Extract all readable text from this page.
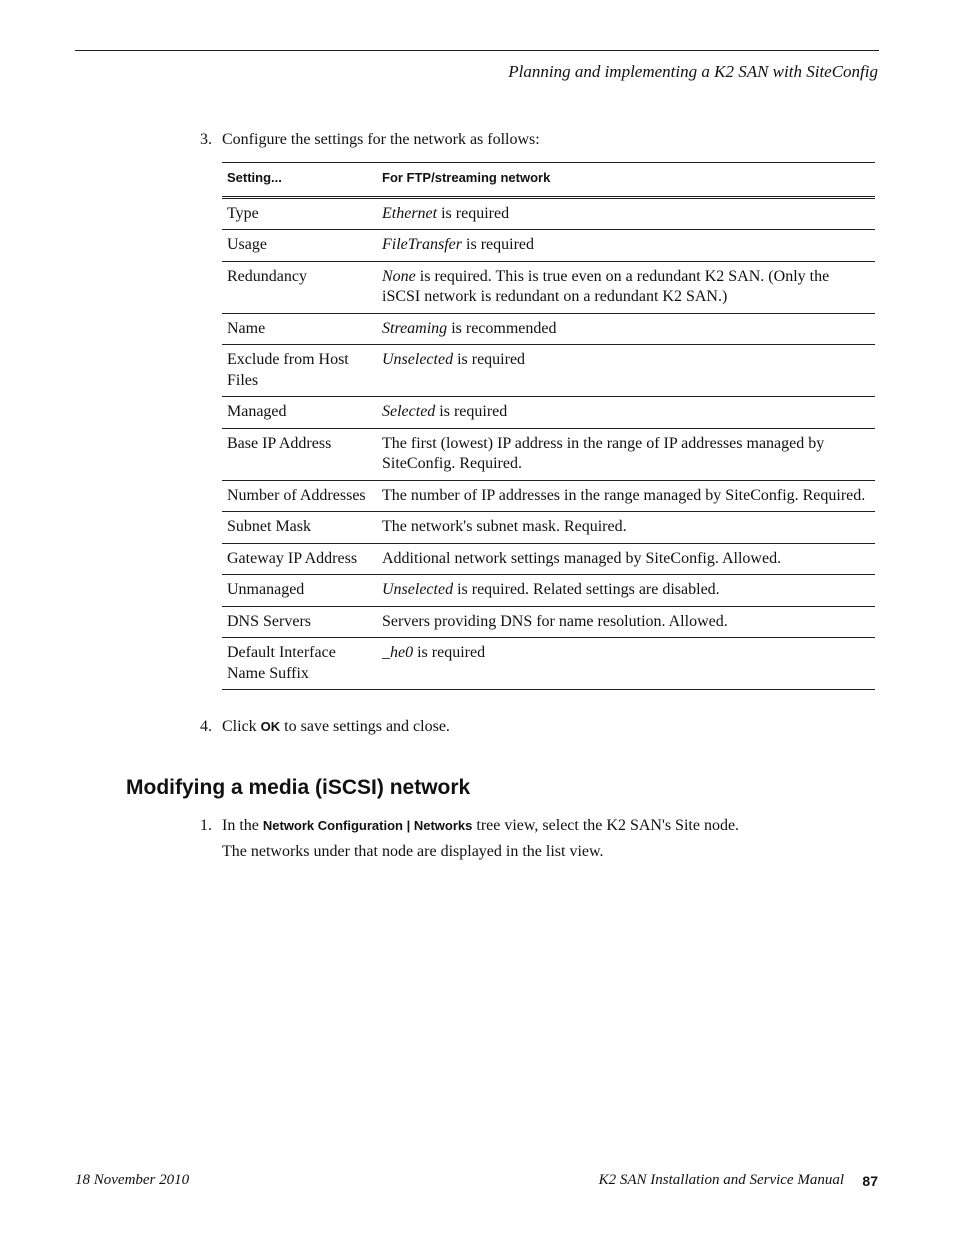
Planning and implementing a K2 SAN with SiteConfig
3. Configure the settings for the network as follows:
Setting...	For FTP/streaming network
Type	Ethernet is required
Usage	FileTransfer is required
Redundancy	None is required. This is true even on a redundant K2 SAN. (Only the iSCSI network is redundant on a redundant K2 SAN.)
Name	Streaming is recommended
Exclude from Host Files	Unselected is required
Managed	Selected is required
Base IP Address	The first (lowest) IP address in the range of IP addresses managed by SiteConfig. Required.
Number of Addresses	The number of IP addresses in the range managed by SiteConfig. Required.
Subnet Mask	The network's subnet mask. Required.
Gateway IP Address	Additional network settings managed by SiteConfig. Allowed.
Unmanaged	Unselected is required. Related settings are disabled.
DNS Servers	Servers providing DNS for name resolution. Allowed.
Default Interface Name Suffix	_he0 is required
4. Click OK to save settings and close.
Modifying a media (iSCSI) network
1. In the Network Configuration | Networks tree view, select the K2 SAN's Site node.
The networks under that node are displayed in the list view.
18 November 2010	K2 SAN Installation and Service Manual 87
